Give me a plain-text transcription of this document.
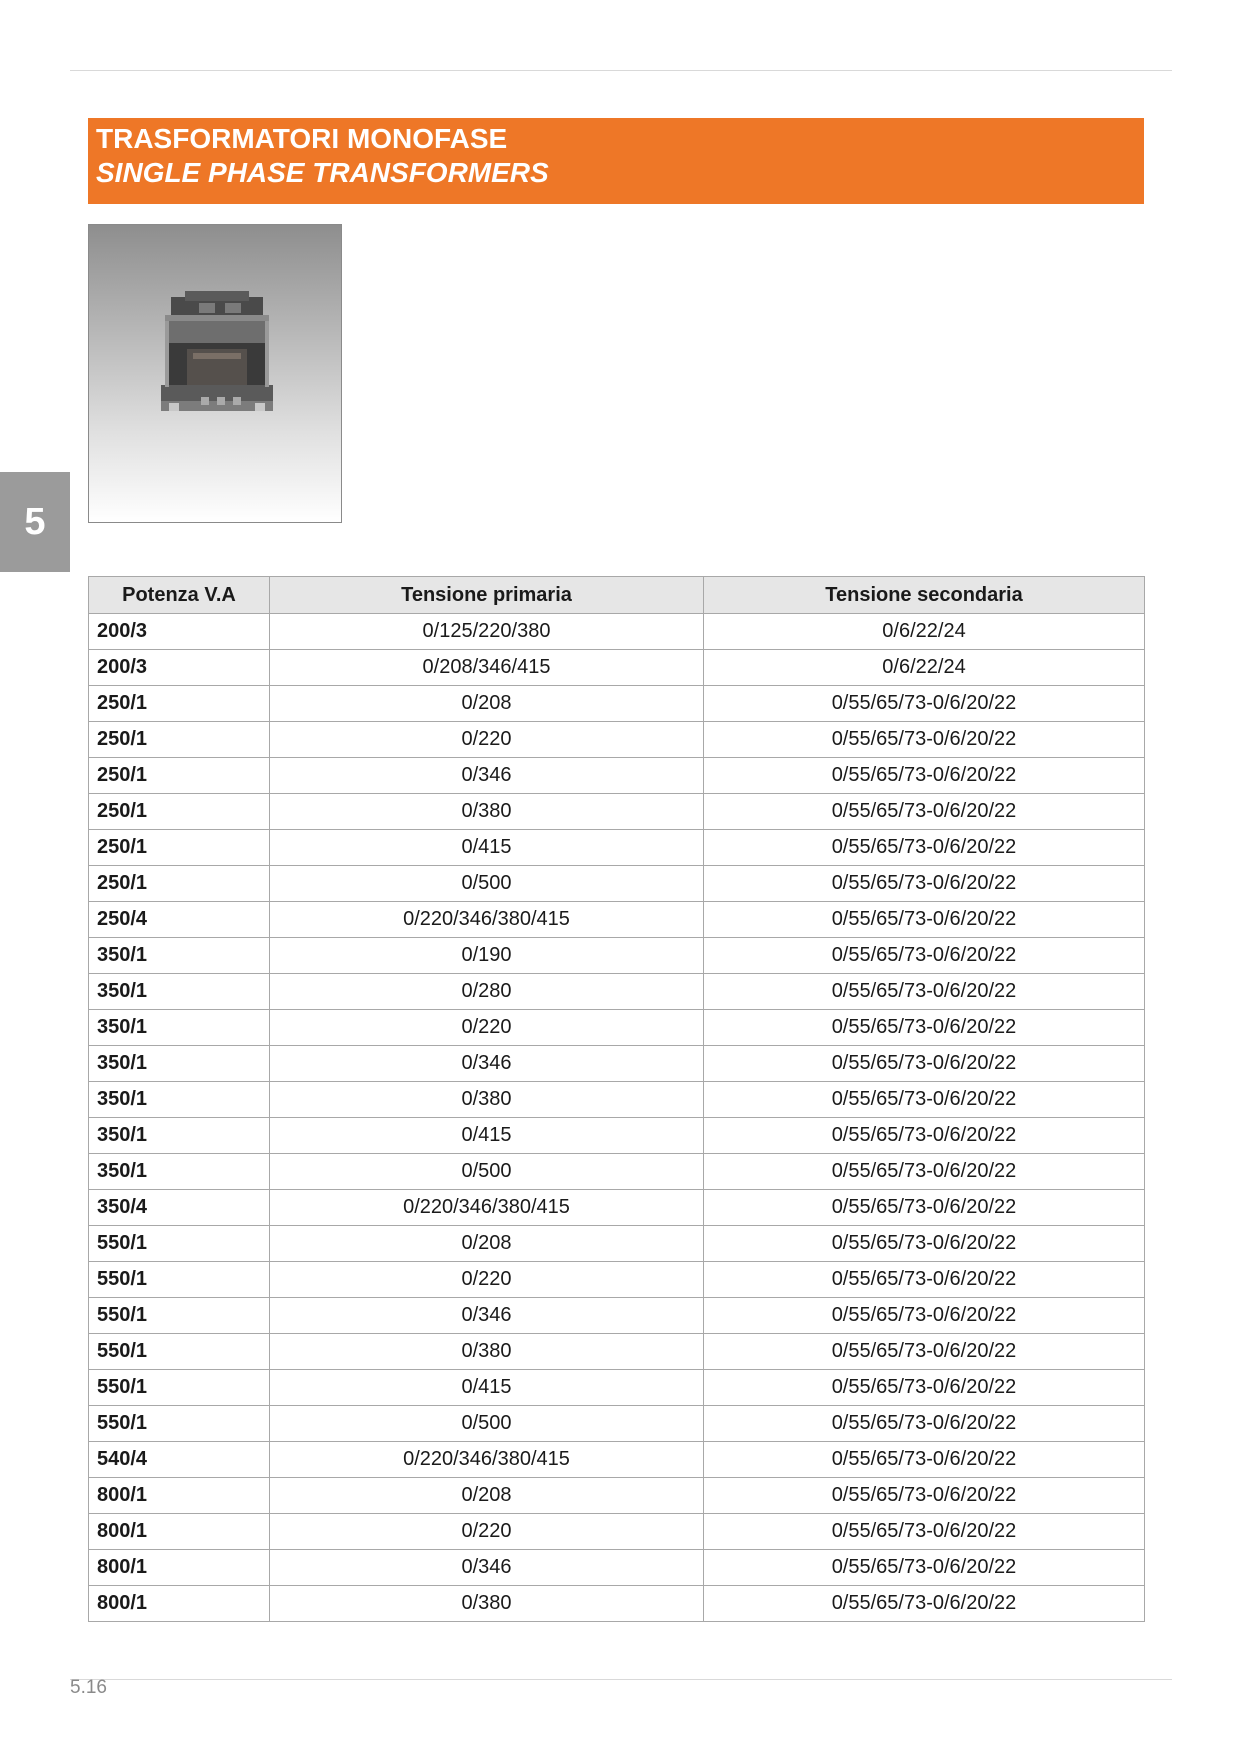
TRASFORMATORI MONOFASE
SINGLE PHASE TRANSFORMERS
5
Potenza V.A	Tensione primaria	Tensione secondaria
200/3	0/125/220/380	0/6/22/24
200/3	0/208/346/415	0/6/22/24
250/1	0/208	0/55/65/73-0/6/20/22
250/1	0/220	0/55/65/73-0/6/20/22
250/1	0/346	0/55/65/73-0/6/20/22
250/1	0/380	0/55/65/73-0/6/20/22
250/1	0/415	0/55/65/73-0/6/20/22
250/1	0/500	0/55/65/73-0/6/20/22
250/4	0/220/346/380/415	0/55/65/73-0/6/20/22
350/1	0/190	0/55/65/73-0/6/20/22
350/1	0/280	0/55/65/73-0/6/20/22
350/1	0/220	0/55/65/73-0/6/20/22
350/1	0/346	0/55/65/73-0/6/20/22
350/1	0/380	0/55/65/73-0/6/20/22
350/1	0/415	0/55/65/73-0/6/20/22
350/1	0/500	0/55/65/73-0/6/20/22
350/4	0/220/346/380/415	0/55/65/73-0/6/20/22
550/1	0/208	0/55/65/73-0/6/20/22
550/1	0/220	0/55/65/73-0/6/20/22
550/1	0/346	0/55/65/73-0/6/20/22
550/1	0/380	0/55/65/73-0/6/20/22
550/1	0/415	0/55/65/73-0/6/20/22
550/1	0/500	0/55/65/73-0/6/20/22
540/4	0/220/346/380/415	0/55/65/73-0/6/20/22
800/1	0/208	0/55/65/73-0/6/20/22
800/1	0/220	0/55/65/73-0/6/20/22
800/1	0/346	0/55/65/73-0/6/20/22
800/1	0/380	0/55/65/73-0/6/20/22
5.16
